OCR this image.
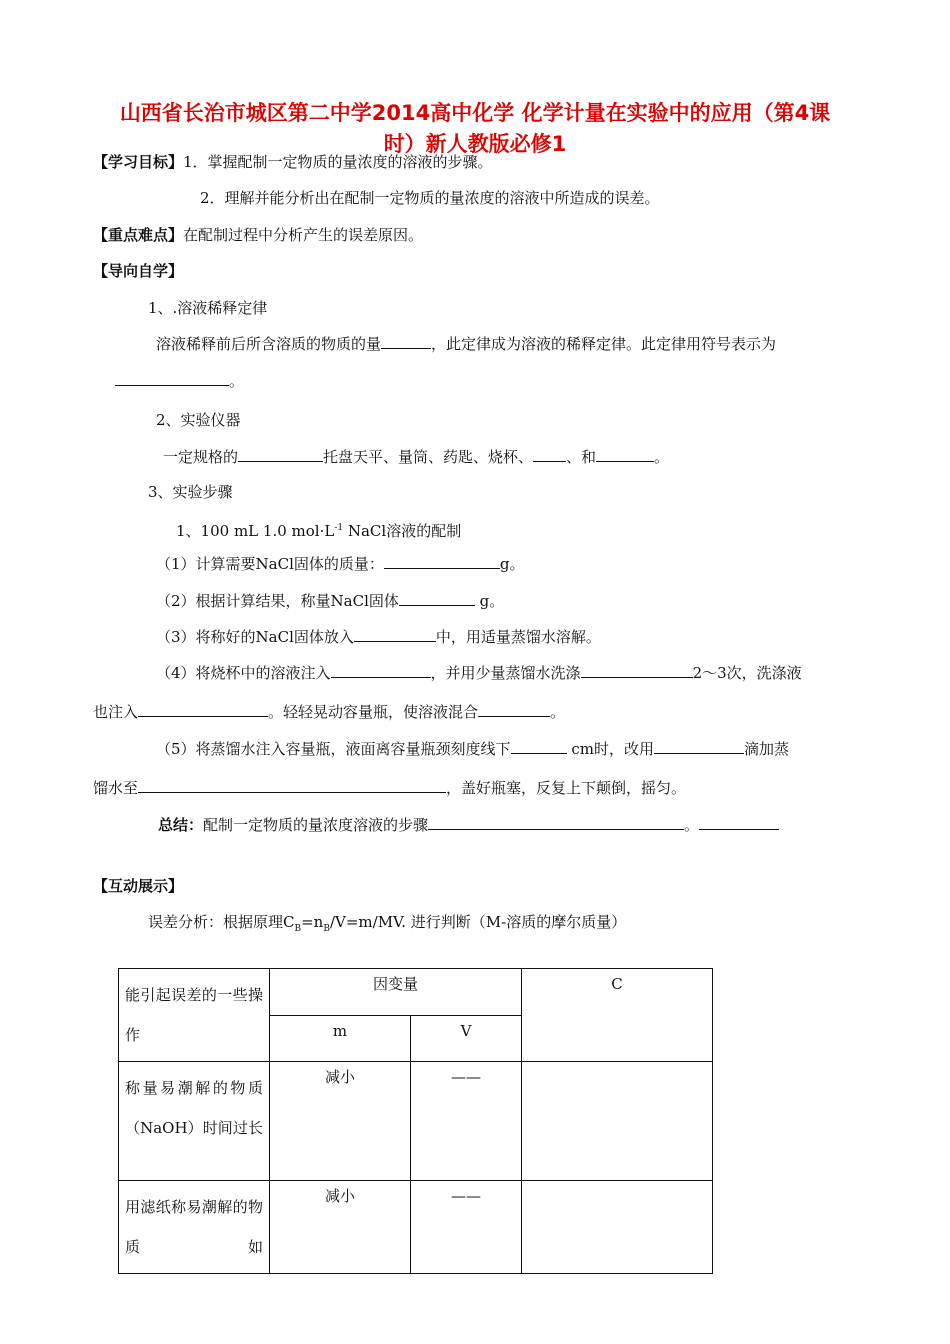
山西省长治市城区第二中学2014高中化学 化学计量在实验中的应用（第4课
时）新人教版必修1
【学习目标】1．掌握配制一定物质的量浓度的溶液的步骤。
2．理解并能分析出在配制一定物质的量浓度的溶液中所造成的误差。
【重点难点】在配制过程中分析产生的误差原因。
【导向自学】
1、.溶液稀释定律
溶液稀释前后所含溶质的物质的量	，此定律成为溶液的稀释定律。此定律用符号表示为
。
2、实验仪器
一定规格的	托盘天平、量筒、药匙、烧杯、 、和	。
3、实验步骤
1、100 mL 1.0 $mol\cdot L^{-1}$ NaCl溶液的配制
（1）计算需要NaCl固体的质量：	g。
（2）根据计算结果，称量NaCl固体	g。
（3）将称好的NaCl固体放入	中，用适量蒸馏水溶解。
（4）将烧杯中的溶液注入	，并用少量蒸馏水洗涤	2～3次，洗涤液
也注入	。轻轻晃动容量瓶，使溶液混合	。
（5）将蒸馏水注入容量瓶，液面离容量瓶颈刻度线下	cm时，改用	滴加蒸
馏水至	，盖好瓶塞，反复上下颠倒，摇匀。
总结：配制一定物质的量浓度溶液的步骤	。
【互动展示】
误差分析：根据原理$C_B=n_B/V=m/MV$. 进行判断（M-溶质的摩尔质量）
能引起误差的一些操作	因变量		C

	m	V	

称量易潮解的物质（NaOH）时间过长	减小	——	

用滤纸称易潮解的物质如	减小	——	
